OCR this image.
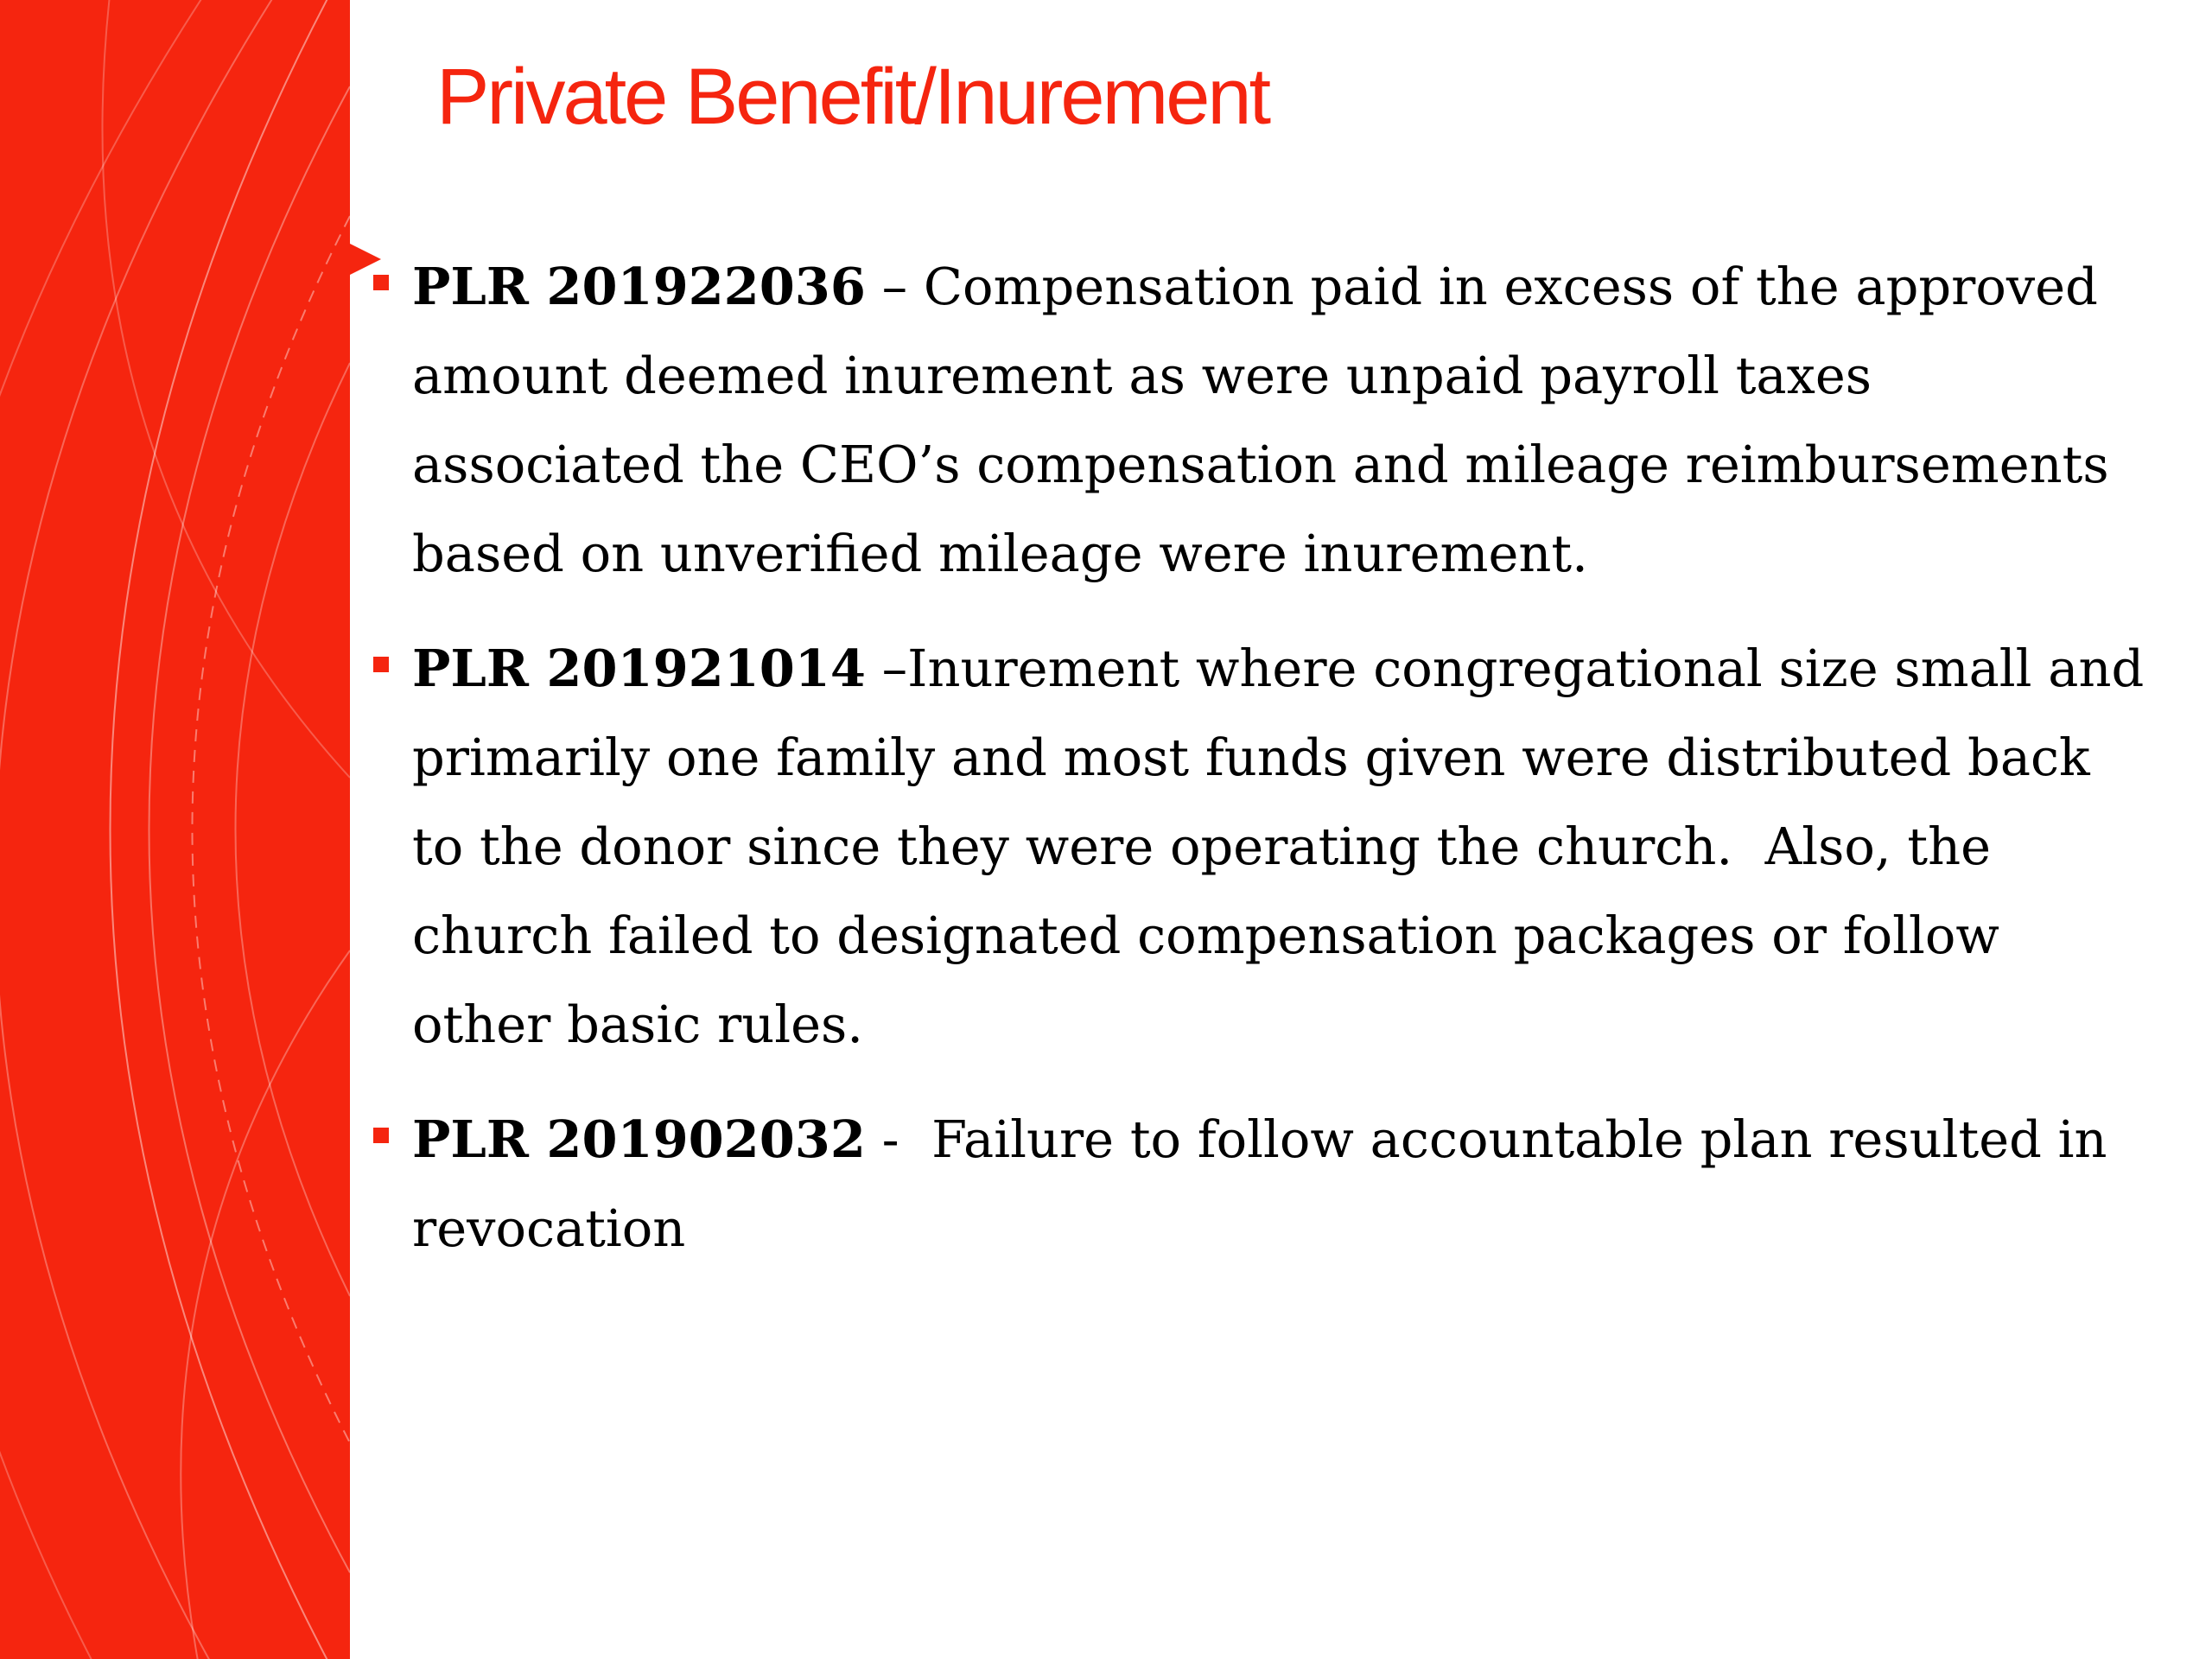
Private Benefit/Inurement
PLR 201922036 – Compensation paid in excess of the approved amount deemed inurement as were unpaid payroll taxes associated the CEO’s compensation and mileage reimbursements based on unverified mileage were inurement.
PLR 201921014 –Inurement where congregational size small and primarily one family and most funds given were distributed back to the donor since they were operating the church.  Also, the church failed to designated compensation packages or follow other basic rules.
PLR 201902032 -  Failure to follow accountable plan resulted in revocation
